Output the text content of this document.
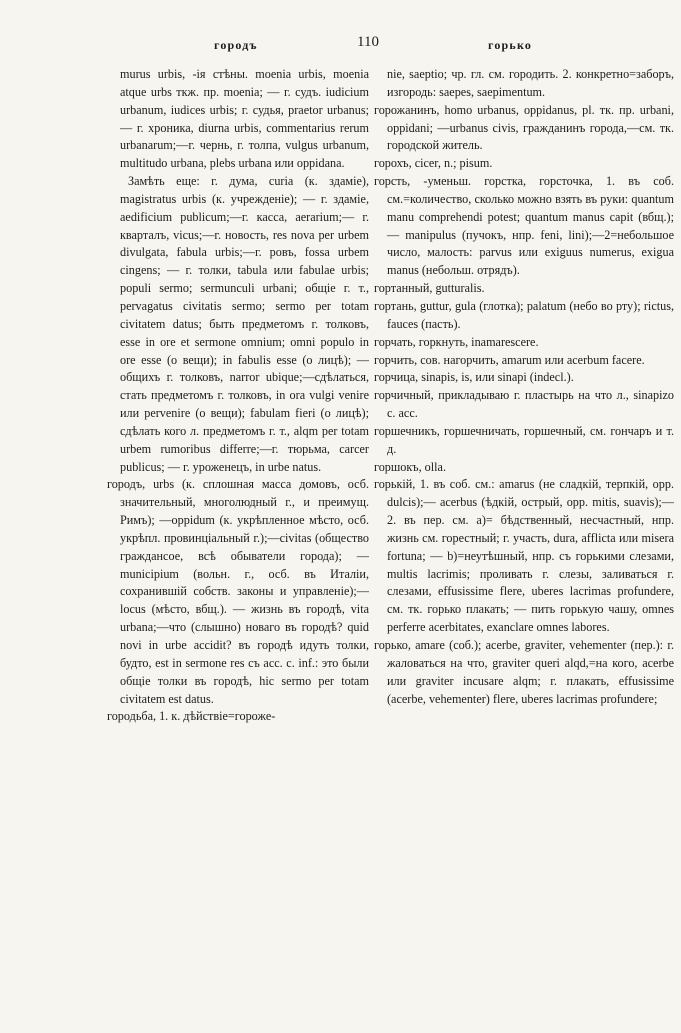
городъ	110	горько

murus urbis, -ія стѣны. moenia urbis, moenia atque urbs ткж. пр. moenia; — г. судъ. iudicium urbanum, iudices urbis; г. судья, praetor urbanus; — г. хроника, diurna urbis, commentarius rerum urbanarum;—г. чернь, г. толпа, vulgus urbanum, multitudo urbana, plebs urbana или oppidana.

Замѣть еще: г. дума, curia (к. здаміе), magistratus urbis (к. учрежденіе); — г. здаміе, aedificium publicum;—г. касса, aerarium;— г. кварталъ, vicus;—г. новость, res nova per urbem divulgata, fabula urbis;—г. ровъ, fossa urbem cingens; — г. толки, tabula или fabulae urbis; populi sermo; sermunculi urbani; общіе г. т., pervagatus civitatis sermo; sermo per totam civitatem datus; быть предметомъ г. толковъ, esse in ore et sermone omnium; omni populo in ore esse (о вещи); in fabulis esse (о лицѣ); — общихъ г. толковъ, narror ubique;—сдѣлаться, стать предметомъ г. толковъ, in ora vulgi venire или pervenire (о вещи); fabulam fieri (о лицѣ); сдѣлать кого л. предметомъ г. т., alqm per totam urbem rumoribus differre;—г. тюрьма, carcer publicus; — г. уроженецъ, in urbe natus.

городъ, urbs (к. сплошная масса домовъ, осб. значительный, многолюдный г., и преимущ. Римъ); —oppidum (к. укрѣпленное мѣсто, осб. укрѣпл. провинціальный г.);—civitas (общество граждансое, всѣ обыватели города); —municipium (вольн. г., осб. въ Италіи, сохранившій собств. законы и управленіе);—locus (мѣсто, вбщ.). — жизнь въ городѣ, vita urbana;—что (слышно) новаго въ городѣ? quid novi in urbe accidit? въ городѣ идуть толки, будто, est in sermone res съ acc. c. inf.: это были общіе толки въ городѣ, hic sermo per totam civitatem est datus.

городьба, 1. к. дѣйствіе=горожe-

nie, saeptio; чр. гл. см. городить. 2. конкретно=заборъ, изгородь: saepes, saepimentum.

горожанинъ, homo urbanus, oppidanus, pl. тк. пр. urbani, oppidani; —urbanus civis, гражданинъ города,—см. тк. городской житель.

горохъ, cicer, n.; pisum.

горсть, -уменьш. горстка, горсточка, 1. въ соб. см.=количество, сколько можно взять въ руки: quantum manu comprehendi potest; quantum manus capit (вбщ.); — manipulus (пучокъ, нпр. feni, lini);—2=небольшое число, малость: parvus или exiguus numerus, exigua manus (небольш. отрядъ).

гортанный, gutturalis.

гортань, guttur, gula (глотка); palatum (небо во рту); rictus, fauces (пасть).

горчать, горкнуть, inamarescere.

горчить, сов. нагорчить, amarum или acerbum facere.

горчица, sinapis, is, или sinapi (indecl.).

горчичный, прикладываю г. пластырь на что л., sinapizo c. acc.

горшечникъ, горшечничать, горшечный, см. гончаръ и т. д.

горшокъ, olla.

горькій, 1. въ соб. см.: amarus (не сладкій, терпкій, opp. dulcis);— acerbus (ѣдкій, острый, opp. mitis, suavis);—2. въ пер. см. a)= бѣдственный, несчастный, нпр. жизнь см. горестный; г. участь, dura, afflicta или misera fortuna; — b)=неутѣшный, нпр. съ горькими слезами, multis lacrimis; проливать г. слезы, заливаться г. слезами, effusissime flere, uberes lacrimas profundere, см. тк. горько плакать; — пить горькую чашу, omnes perferre acerbitates, exanclare omnes labores.

горько, amare (соб.); acerbe, graviter, vehementer (пер.): г. жаловаться на что, graviter queri alqd,=на кого, acerbe или graviter incusare alqm; г. плакать, effusissime (acerbe, vehementer) flere, uberes lacrimas profundere;
